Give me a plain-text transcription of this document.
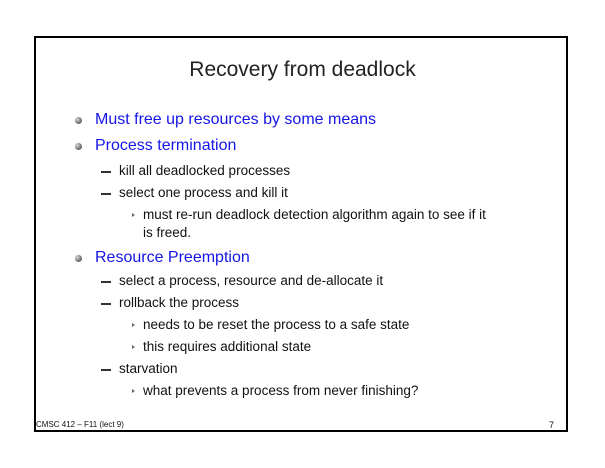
Recovery from deadlock
Must free up resources by some means
Process termination
kill all deadlocked processes
select one process and kill it
must re-run deadlock detection algorithm again to see if it
is freed.
Resource Preemption
select a process, resource and de-allocate it
rollback the process
needs to be reset the process to a safe state
this requires additional state
starvation
what prevents a process from never finishing?
CMSC 412 – F11 (lect 9)	7
